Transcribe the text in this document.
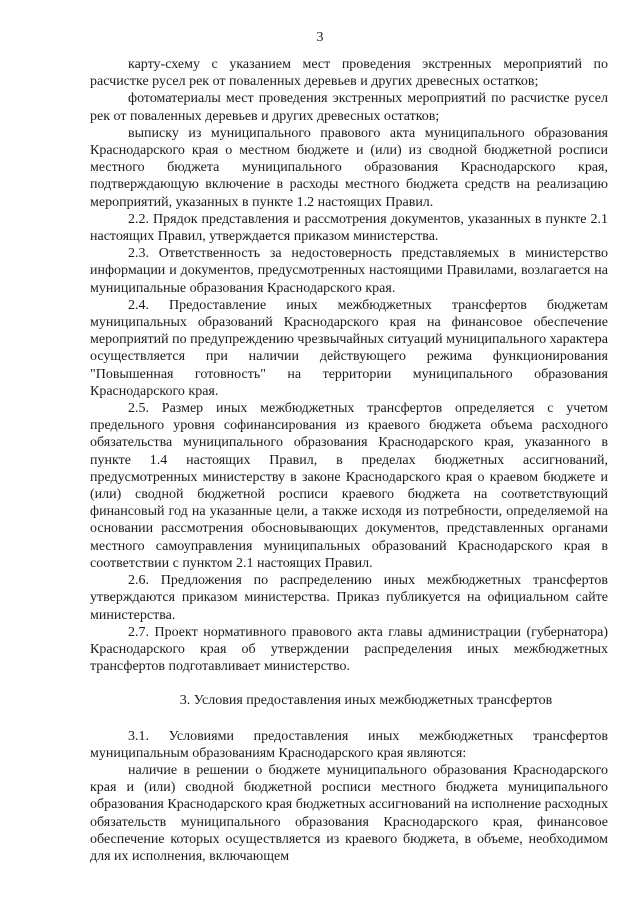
3

карту-схему с указанием мест проведения экстренных мероприятий по расчистке русел рек от поваленных деревьев и других древесных остатков;

фотоматериалы мест проведения экстренных мероприятий по расчистке русел рек от поваленных деревьев и других древесных остатков;

выписку из муниципального правового акта муниципального образования Краснодарского края о местном бюджете и (или) из сводной бюджетной росписи местного бюджета муниципального образования Краснодарского края, подтверждающую включение в расходы местного бюджета средств на реализацию мероприятий, указанных в пункте 1.2 настоящих Правил.

2.2. Прядок представления и рассмотрения документов, указанных в пункте 2.1 настоящих Правил, утверждается приказом министерства.

2.3. Ответственность за недостоверность представляемых в министерство информации и документов, предусмотренных настоящими Правилами, возлагается на муниципальные образования Краснодарского края.

2.4. Предоставление иных межбюджетных трансфертов бюджетам муниципальных образований Краснодарского края на финансовое обеспечение мероприятий по предупреждению чрезвычайных ситуаций муниципального характера осуществляется при наличии действующего режима функционирования "Повышенная готовность" на территории муниципального образования Краснодарского края.

2.5. Размер иных межбюджетных трансфертов определяется с учетом предельного уровня софинансирования из краевого бюджета объема расходного обязательства муниципального образования Краснодарского края, указанного в пункте 1.4 настоящих Правил, в пределах бюджетных ассигнований, предусмотренных министерству в законе Краснодарского края о краевом бюджете и (или) сводной бюджетной росписи краевого бюджета на соответствующий финансовый год на указанные цели, а также исходя из потребности, определяемой на основании рассмотрения обосновывающих документов, представленных органами местного самоуправления муниципальных образований Краснодарского края в соответствии с пунктом 2.1 настоящих Правил.

2.6. Предложения по распределению иных межбюджетных трансфертов утверждаются приказом министерства. Приказ публикуется на официальном сайте министерства.

2.7. Проект нормативного правового акта главы администрации (губернатора) Краснодарского края об утверждении распределения иных межбюджетных трансфертов подготавливает министерство.

3. Условия предоставления иных межбюджетных трансфертов

3.1. Условиями предоставления иных межбюджетных трансфертов муниципальным образованиям Краснодарского края являются:

наличие в решении о бюджете муниципального образования Краснодарского края и (или) сводной бюджетной росписи местного бюджета муниципального образования Краснодарского края бюджетных ассигнований на исполнение расходных обязательств муниципального образования Краснодарского края, финансовое обеспечение которых осуществляется из краевого бюджета, в объеме, необходимом для их исполнения, включающем
